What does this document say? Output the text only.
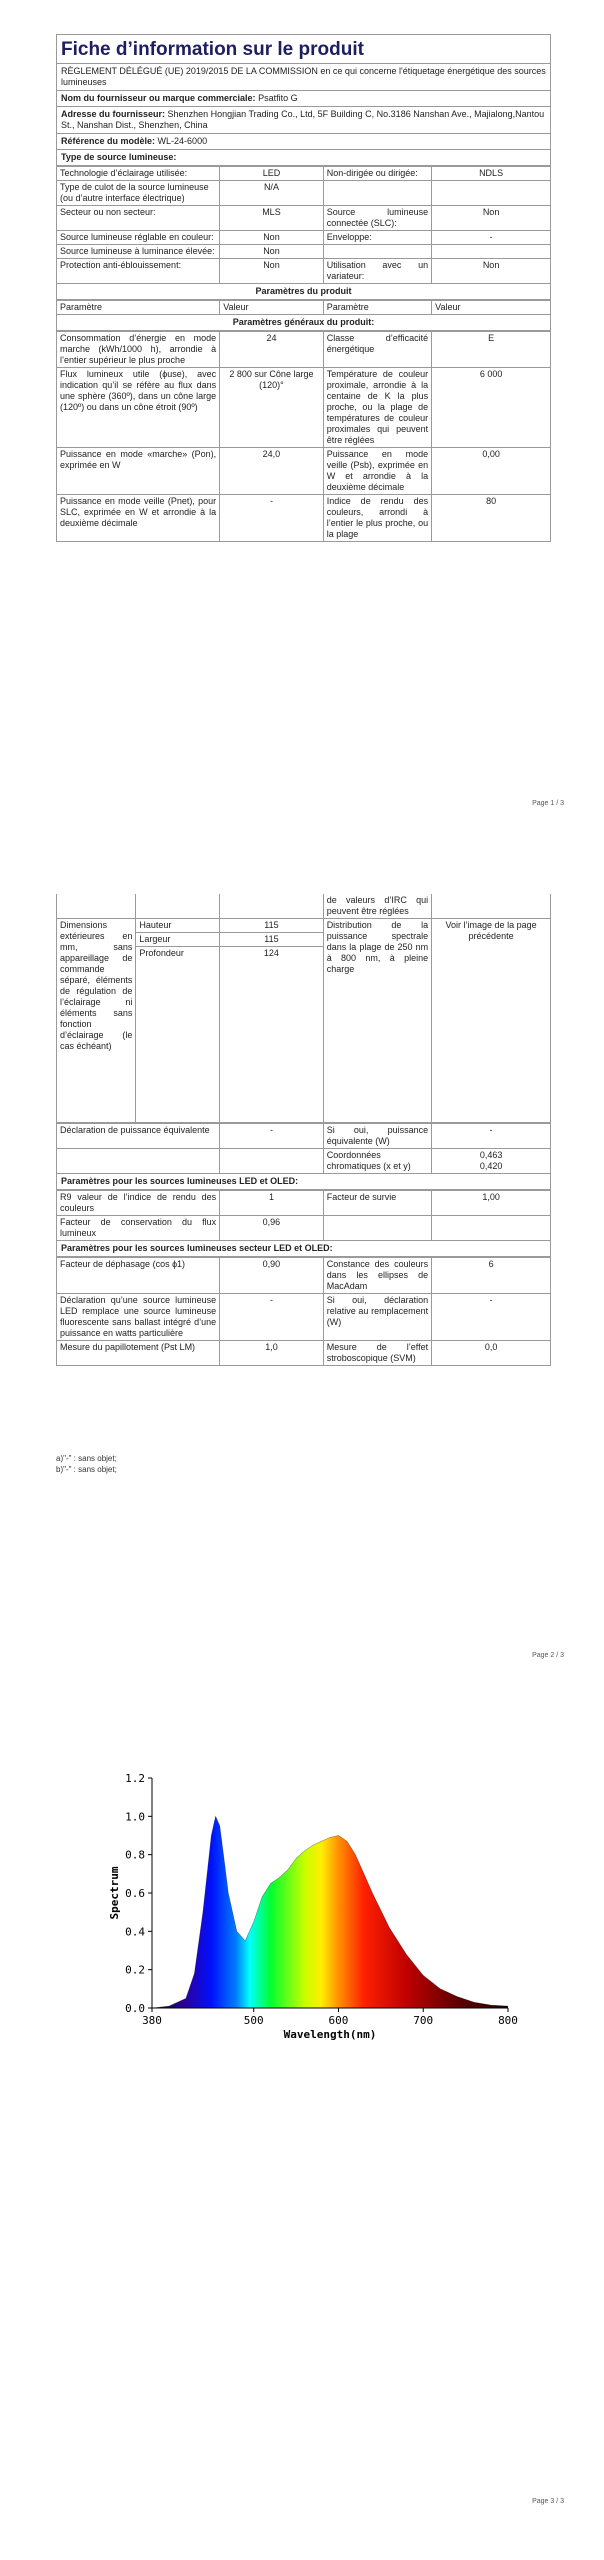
Fiche d’information sur le produit
RÈGLEMENT DÉLÉGUÉ (UE) 2019/2015 DE LA COMMISSION en ce qui concerne l'étiquetage énergétique des sources lumineuses
Nom du fournisseur ou marque commerciale: Psatfito G
Adresse du fournisseur: Shenzhen Hongjian Trading Co., Ltd, 5F Building C, No.3186 Nanshan Ave., Majialong,Nantou St., Nanshan Dist., Shenzhen, China
Référence du modèle: WL-24-6000
Type de source lumineuse:
Technologie d’éclairage utilisée:	LED	Non-dirigée ou dirigée:	NDLS
Type de culot de la source lumineuse
(ou d’autre interface électrique)	N/A		
Secteur ou non secteur:	MLS	Source lumineuse connectée (SLC):	Non
Source lumineuse réglable en couleur:	Non	Enveloppe:	-
Source lumineuse à luminance élevée:	Non		
Protection anti-éblouissement:	Non	Utilisation avec un variateur:	Non
Paramètres du produit
Paramètre	Valeur	Paramètre	Valeur
Paramètres généraux du produit:
Consommation d’énergie en mode marche (kWh/1000 h), arrondie à l’entier supérieur le plus proche	24	Classe d’efficacité énergétique	E
Flux lumineux utile (ɸuse), avec indication qu’il se réfère au flux dans une sphère (360º), dans un cône large (120º) ou dans un cône étroit (90º)	2 800 sur Cône large (120)°	Température de couleur proximale, arrondie à la centaine de K la plus proche, ou la plage de températures de couleur proximales qui peuvent être réglées	6 000
Puissance en mode «marche» (Pon), exprimée en W	24,0	Puissance en mode veille (Psb), exprimée en W et arrondie à la deuxième décimale	0,00
Puissance en mode veille (Pnet), pour SLC, exprimée en W et arrondie à la deuxième décimale	-	Indice de rendu des couleurs, arrondi à l’entier le plus proche, ou la plage	80
Page 1 / 3
			de valeurs d’IRC qui peuvent être réglées	
Dimensions extérieures en mm, sans appareillage de commande séparé, éléments de régulation de l’éclairage ni éléments sans fonction d’éclairage (le cas échéant)	Hauteur	115	Distribution de la puissance spectrale dans la plage de 250 nm à 800 nm, à pleine charge	Voir l’image de la page précédente
	Largeur	115		
	Profondeur	124		
Déclaration de puissance équivalente	-	Si oui, puissance équivalente (W)	-
		Coordonnées chromatiques (x et y)	0,463
0,420
Paramètres pour les sources lumineuses LED et OLED:
R9 valeur de l’indice de rendu des couleurs	1	Facteur de survie	1,00
Facteur de conservation du flux lumineux	0,96		
Paramètres pour les sources lumineuses secteur LED et OLED:
Facteur de déphasage (cos ɸ1)	0,90	Constance des couleurs dans les ellipses de MacAdam	6
Déclaration qu’une source lumineuse LED remplace une source lumineuse fluorescente sans ballast intégré d’une puissance en watts particulière	-	Si oui, déclaration relative au remplacement (W)	-
Mesure du papillotement (Pst LM)	1,0	Mesure de l’effet stroboscopique (SVM)	0,0
a)"-" : sans objet;
b)"-" : sans objet;
Page 2 / 3
Page 3 / 3
0.0
0.2
0.4
0.6
0.8
1.0
1.2
380	500	600	700	800
Wavelength(nm)
Spectrum
